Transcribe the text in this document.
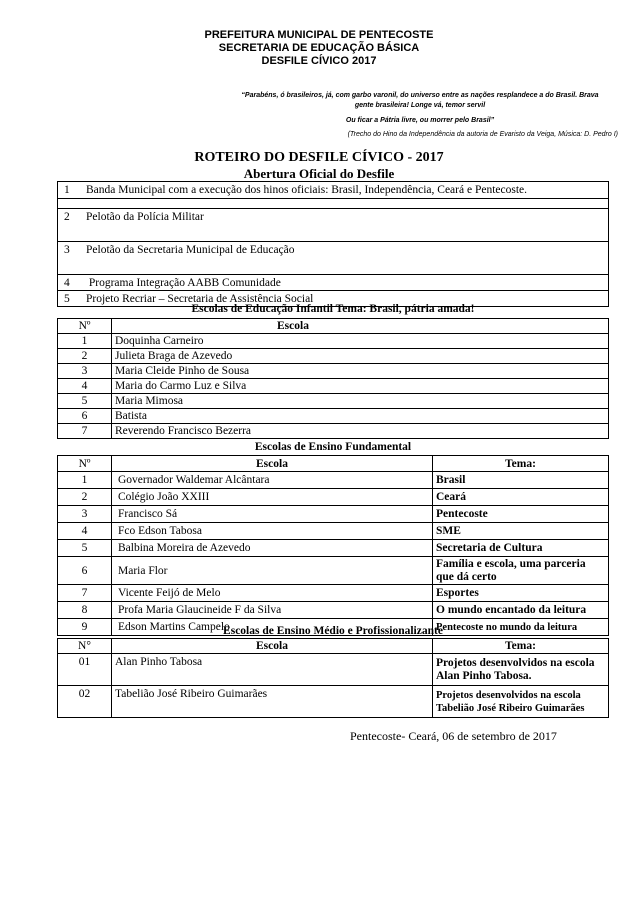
PREFEITURA MUNICIPAL DE PENTECOSTE
SECRETARIA DE EDUCAÇÃO BÁSICA
DESFILE CÍVICO 2017
“Parabéns, ó brasileiros, já, com garbo varonil, do universo entre as nações resplandece a do Brasil. Brava
gente brasileira! Longe vá, temor servil
Ou ficar a Pátria livre, ou morrer pelo Brasil”
(Trecho do Hino da Independência da autoria de Evaristo da Veiga, Música: D. Pedro I)
ROTEIRO DO DESFILE CÍVICO - 2017
Abertura Oficial do Desfile
1 Banda Municipal com a execução dos hinos oficiais: Brasil, Independência, Ceará e Pentecoste.

2 Pelotão da Polícia Militar
3 Pelotão da Secretaria Municipal de Educação
4 Programa Integração AABB Comunidade
5 Projeto Recriar – Secretaria de Assistência Social
Escolas de Educação Infantil Tema: Brasil, pátria amada!
Nº	Escola
1	Doquinha Carneiro
2	Julieta Braga de Azevedo
3	Maria Cleide Pinho de Sousa
4	Maria do Carmo Luz e Silva
5	Maria Mimosa
6	Batista
7	Reverendo Francisco Bezerra
Escolas de Ensino Fundamental
Nº	Escola	Tema:
1	Governador Waldemar Alcântara	Brasil
2	Colégio João XXIII	Ceará
3	Francisco Sá	Pentecoste
4	Fco Edson Tabosa	SME
5	Balbina Moreira de Azevedo	Secretaria de Cultura
6	Maria Flor	Família e escola, uma parceria que dá certo
7	Vicente Feijó de Melo	Esportes
8	Profa Maria Glaucineide F da Silva	O mundo encantado da leitura
9	Edson Martins Campelo	Pentecoste no mundo da leitura
Escolas de Ensino Médio e Profissionalizante
N°	Escola	Tema:
01	Alan Pinho Tabosa	Projetos desenvolvidos na escola Alan Pinho Tabosa.
02	Tabelião José Ribeiro Guimarães	Projetos desenvolvidos na escola Tabelião José Ribeiro Guimarães
Pentecoste- Ceará, 06 de setembro de 2017
